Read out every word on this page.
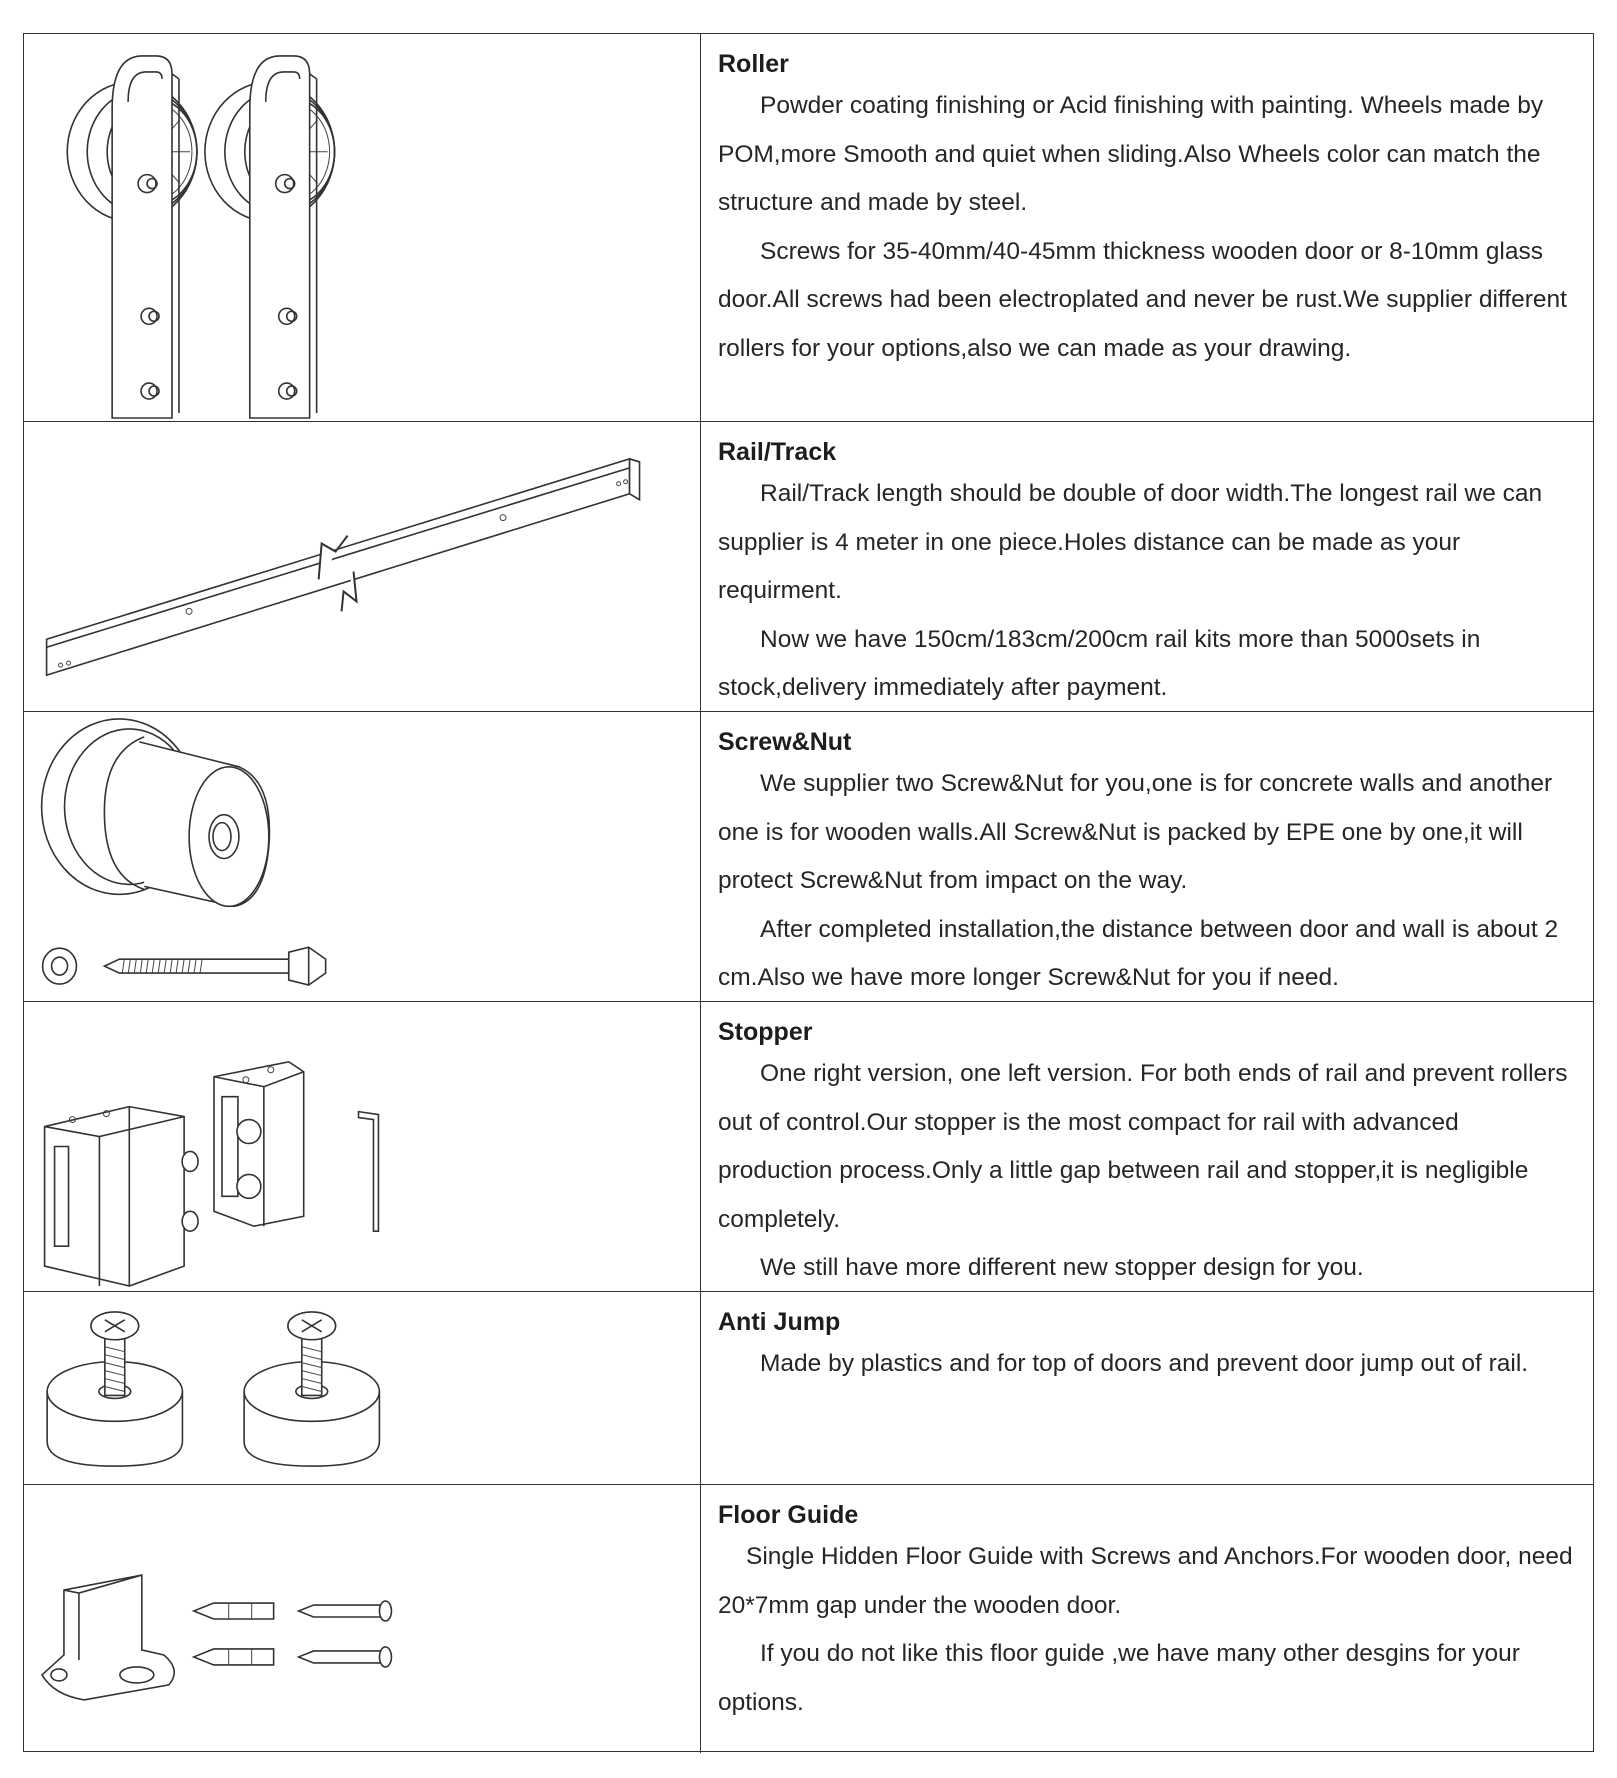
Roller

Powder coating finishing or Acid finishing with painting. Wheels made by POM,more Smooth and quiet when sliding.Also Wheels color can match the structure and made by steel.

Screws for 35-40mm/40-45mm thickness wooden door or 8-10mm glass door.All screws had been electroplated and never be rust.We supplier different rollers for your options,also we can made as your drawing.

Rail/Track

Rail/Track length should be double of door width.The longest rail we can supplier is 4 meter in one piece.Holes distance can be made as your requirment.

Now we have 150cm/183cm/200cm rail kits more than 5000sets in stock,delivery immediately after payment.

Screw&Nut

We supplier two Screw&Nut for you,one is for concrete walls and another one is for wooden walls.All Screw&Nut is packed by EPE one by one,it will protect Screw&Nut from impact on the way.

After completed installation,the distance between door and wall is about 2 cm.Also we have more longer Screw&Nut for you if need.

Stopper

One right version, one left version. For both ends of rail and prevent rollers out of control.Our stopper is the most compact for rail with advanced production process.Only a little gap between rail and stopper,it is negligible completely.

We still have more different new stopper design for you.

Anti Jump

Made by plastics and for top of doors and prevent door jump out of rail.

Floor Guide

Single Hidden Floor Guide with Screws and Anchors.For wooden door, need 20*7mm gap under the wooden door.

If you do not like this floor guide ,we have many other desgins for your options.
